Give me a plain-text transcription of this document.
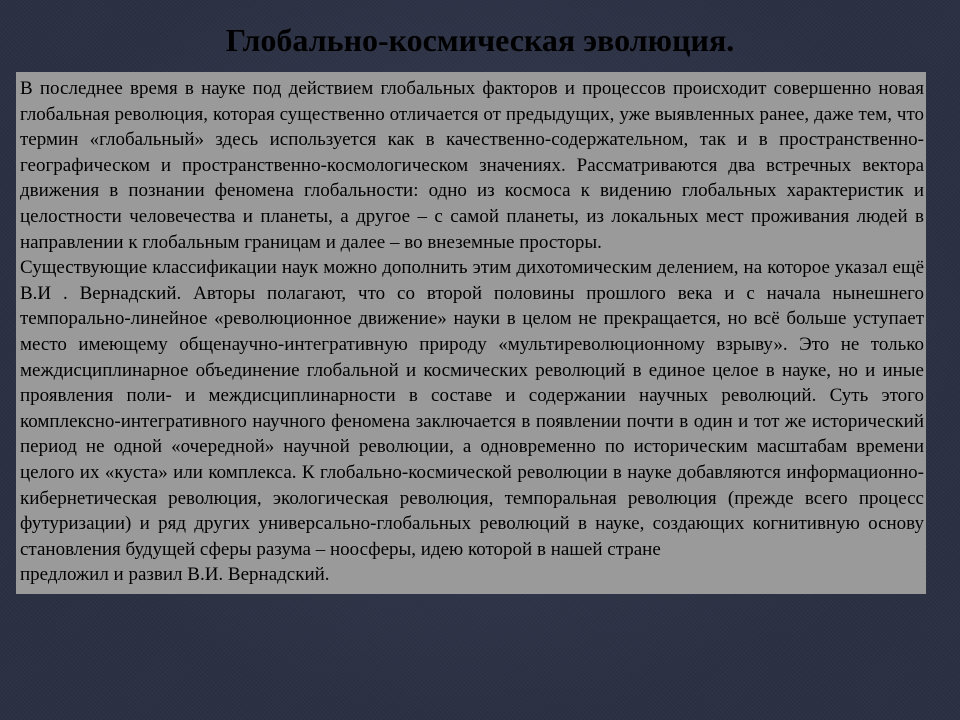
Глобально-космическая эволюция.

В последнее время в науке под действием глобальных факторов и процессов происходит совершенно новая глобальная революция, которая существенно отличается от предыдущих, уже выявленных ранее, даже тем, что термин «глобальный» здесь используется как в качественно-содержательном, так и в пространственно-географическом и пространственно-космологическом значениях. Рассматриваются два встречных вектора движения в познании феномена глобальности: одно из космоса к видению глобальных характеристик и целостности человечества и планеты, а другое – с самой планеты, из локальных мест проживания людей в направлении к глобальным границам и далее – во внеземные просторы.

Существующие классификации наук можно дополнить этим дихотомическим делением, на которое указал ещё В.И . Вернадский. Авторы полагают, что со второй половины прошлого века и с начала нынешнего темпорально-линейное «революционное движение» науки в целом не прекращается, но всё больше уступает место имеющему общенаучно-интегративную природу «мультиреволюционному взрыву». Это не только междисциплинарное объединение глобальной и космических революций в единое целое в науке, но и иные проявления поли- и междисциплинарности в составе и содержании научных революций. Суть этого комплексно-интегративного научного феномена заключается в появлении почти в один и тот же исторический период не одной «очередной» научной революции, а одновременно по историческим масштабам времени целого их «куста» или комплекса. К глобально-космической революции в науке добавляются информационно-кибернетическая революция, экологическая революция, темпоральная революция (прежде всего процесс футуризации) и ряд других универсально-глобальных революций в науке, создающих когнитивную основу становления будущей сферы разума – ноосферы, идею которой в нашей стране

предложил и развил В.И. Вернадский.
